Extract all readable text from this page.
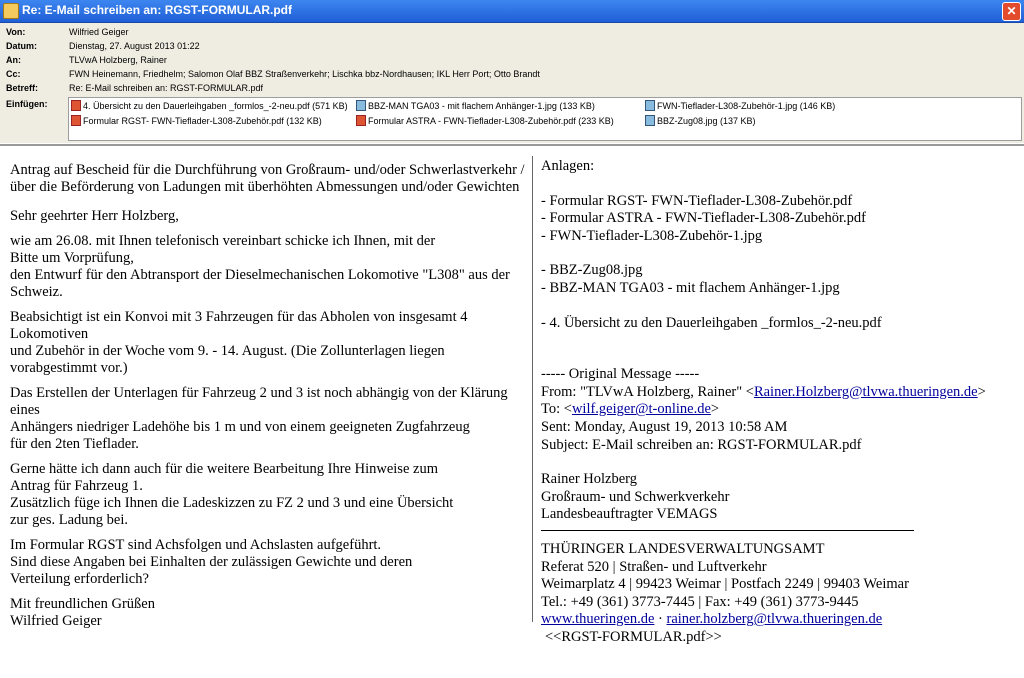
Re: E-Mail schreiben an: RGST-FORMULAR.pdf	✕
Von:	Wilfried Geiger
Datum:	Dienstag, 27. August 2013 01:22
An:	TLVwA Holzberg, Rainer
Cc:	FWN Heinemann, Friedhelm; Salomon Olaf BBZ Straßenverkehr; Lischka bbz-Nordhausen; IKL Herr Port; Otto Brandt
Betreff:	Re: E-Mail schreiben an: RGST-FORMULAR.pdf
Einfügen:	4. Übersicht zu den Dauerleihgaben _formlos_-2-neu.pdf (571 KB)	BBZ-MAN TGA03 - mit flachem Anhänger-1.jpg (133 KB)	FWN-Tieflader-L308-Zubehör-1.jpg (146 KB)
Formular RGST- FWN-Tieflader-L308-Zubehör.pdf (132 KB)	Formular ASTRA - FWN-Tieflader-L308-Zubehör.pdf (233 KB)	BBZ-Zug08.jpg (137 KB)

Antrag auf Bescheid für die Durchführung von Großraum- und/oder Schwerlastverkehr /
über die Beförderung von Ladungen mit überhöhten Abmessungen und/oder Gewichten

Sehr geehrter Herr Holzberg,

wie am 26.08. mit Ihnen telefonisch vereinbart schicke ich Ihnen, mit der
Bitte um Vorprüfung,
den Entwurf für den Abtransport der Dieselmechanischen Lokomotive "L308" aus der Schweiz.

Beabsichtigt ist ein Konvoi mit 3 Fahrzeugen für das Abholen von insgesamt 4 Lokomotiven
und Zubehör in der Woche vom 9. - 14. August. (Die Zollunterlagen liegen vorabgestimmt vor.)

Das Erstellen der Unterlagen für Fahrzeug 2 und 3 ist noch abhängig von der Klärung eines
Anhängers niedriger Ladehöhe bis 1 m und von einem geeigneten Zugfahrzeug
für den 2ten Tieflader.

Gerne hätte ich dann auch für die weitere Bearbeitung Ihre Hinweise zum
Antrag für Fahrzeug 1.
Zusätzlich füge ich Ihnen die Ladeskizzen zu FZ 2 und 3 und eine Übersicht
zur ges. Ladung bei.

Im Formular RGST sind Achsfolgen und Achslasten aufgeführt.
Sind diese Angaben bei Einhalten der zulässigen Gewichte und deren
Verteilung erforderlich?

Mit freundlichen Grüßen
Wilfried Geiger

Anlagen:
- Formular RGST- FWN-Tieflader-L308-Zubehör.pdf
- Formular ASTRA - FWN-Tieflader-L308-Zubehör.pdf
- FWN-Tieflader-L308-Zubehör-1.jpg
- BBZ-Zug08.jpg
- BBZ-MAN TGA03 - mit flachem Anhänger-1.jpg
- 4. Übersicht zu den Dauerleihgaben _formlos_-2-neu.pdf
----- Original Message -----
From: "TLVwA Holzberg, Rainer" <Rainer.Holzberg@tlvwa.thueringen.de>
To: <wilf.geiger@t-online.de>
Sent: Monday, August 19, 2013 10:58 AM
Subject: E-Mail schreiben an: RGST-FORMULAR.pdf
Rainer Holzberg
Großraum- und Schwerkverkehr
Landesbeauftragter VEMAGS
THÜRINGER LANDESVERWALTUNGSAMT
Referat 520 | Straßen- und Luftverkehr
Weimarplatz 4 | 99423 Weimar | Postfach 2249 | 99403 Weimar
Tel.: +49 (361) 3773-7445 | Fax: +49 (361) 3773-9445
www.thueringen.de · rainer.holzberg@tlvwa.thueringen.de
<<RGST-FORMULAR.pdf>>
